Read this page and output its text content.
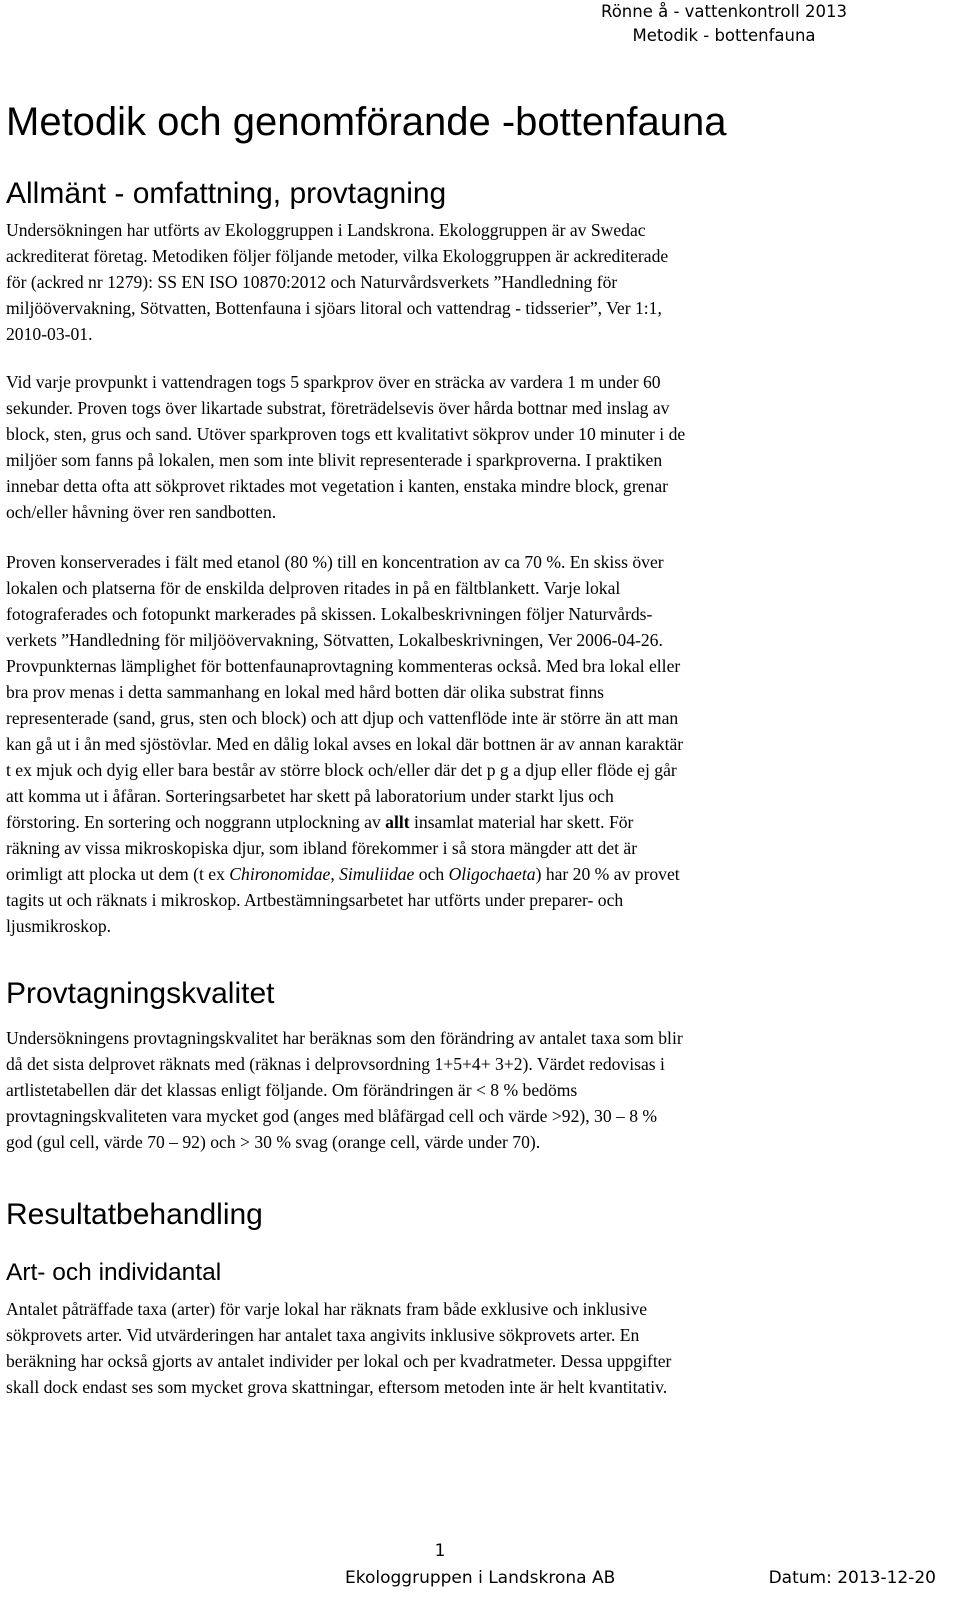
Rönne å - vattenkontroll 2013
Metodik - bottenfauna
Metodik och genomförande -bottenfauna
Allmänt - omfattning, provtagning
Undersökningen har utförts av Ekologgruppen i Landskrona. Ekologgruppen är av Swedac
ackrediterat företag. Metodiken följer följande metoder, vilka Ekologgruppen är ackrediterade
för (ackred nr 1279): SS EN ISO 10870:2012 och Naturvårdsverkets ”Handledning för
miljöövervakning, Sötvatten, Bottenfauna i sjöars litoral och vattendrag - tidsserier”, Ver 1:1,
2010-03-01.
Vid varje provpunkt i vattendragen togs 5 sparkprov över en sträcka av vardera 1 m under 60
sekunder. Proven togs över likartade substrat, företrädelsevis över hårda bottnar med inslag av
block, sten, grus och sand. Utöver sparkproven togs ett kvalitativt sökprov under 10 minuter i de
miljöer som fanns på lokalen, men som inte blivit representerade i sparkproverna. I praktiken
innebar detta ofta att sökprovet riktades mot vegetation i kanten, enstaka mindre block, grenar
och/eller håvning över ren sandbotten.
Proven konserverades i fält med etanol (80 %) till en koncentration av ca 70 %. En skiss över
lokalen och platserna för de enskilda delproven ritades in på en fältblankett. Varje lokal
fotograferades och fotopunkt markerades på skissen. Lokalbeskrivningen följer Naturvårds-
verkets ”Handledning för miljöövervakning, Sötvatten, Lokalbeskrivningen, Ver 2006-04-26.
Provpunkternas lämplighet för bottenfaunaprovtagning kommenteras också. Med bra lokal eller
bra prov menas i detta sammanhang en lokal med hård botten där olika substrat finns
representerade (sand, grus, sten och block) och att djup och vattenflöde inte är större än att man
kan gå ut i ån med sjöstövlar. Med en dålig lokal avses en lokal där bottnen är av annan karaktär
t ex mjuk och dyig eller bara består av större block och/eller där det p g a djup eller flöde ej går
att komma ut i åfåran. Sorteringsarbetet har skett på laboratorium under starkt ljus och
förstoring. En sortering och noggrann utplockning av allt insamlat material har skett. För
räkning av vissa mikroskopiska djur, som ibland förekommer i så stora mängder att det är
orimligt att plocka ut dem (t ex Chironomidae, Simuliidae och Oligochaeta) har 20 % av provet
tagits ut och räknats i mikroskop. Artbestämningsarbetet har utförts under preparer- och
ljusmikroskop.
Provtagningskvalitet
Undersökningens provtagningskvalitet har beräknas som den förändring av antalet taxa som blir
då det sista delprovet räknats med (räknas i delprovsordning 1+5+4+ 3+2). Värdet redovisas i
artlistetabellen där det klassas enligt följande. Om förändringen är < 8 % bedöms
provtagningskvaliteten vara mycket god (anges med blåfärgad cell och värde >92), 30 – 8 %
god (gul cell, värde 70 – 92) och > 30 % svag (orange cell, värde under 70).
Resultatbehandling
Art- och individantal
Antalet påträffade taxa (arter) för varje lokal har räknats fram både exklusive och inklusive
sökprovets arter. Vid utvärderingen har antalet taxa angivits inklusive sökprovets arter. En
beräkning har också gjorts av antalet individer per lokal och per kvadratmeter. Dessa uppgifter
skall dock endast ses som mycket grova skattningar, eftersom metoden inte är helt kvantitativ.
1
Ekologgruppen i Landskrona AB	Datum: 2013-12-20
